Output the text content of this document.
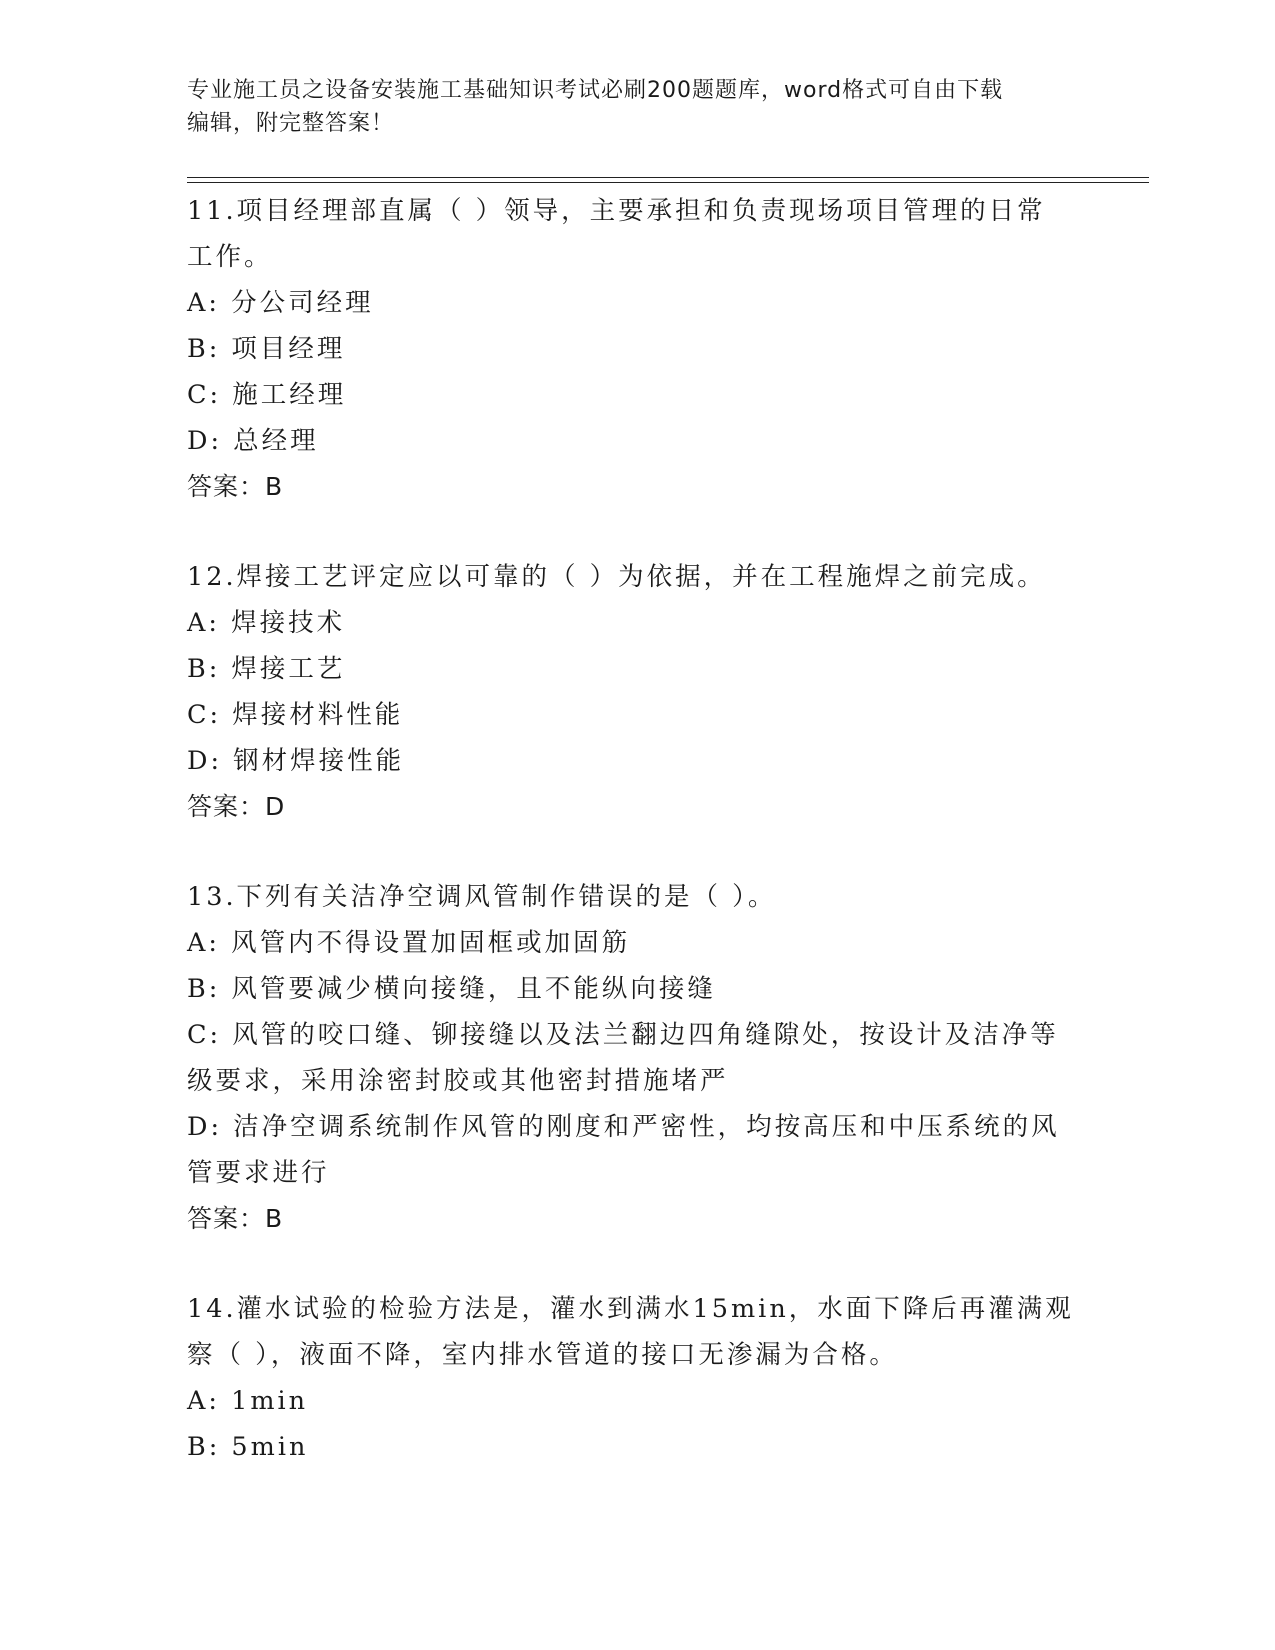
专业施工员之设备安装施工基础知识考试必刷200题题库，word格式可自由下载
编辑，附完整答案！
11.项目经理部直属（ ）领导，主要承担和负责现场项目管理的日常
工作。
A: 分公司经理
B: 项目经理
C: 施工经理
D: 总经理
答案：B
12.焊接工艺评定应以可靠的（ ）为依据，并在工程施焊之前完成。
A: 焊接技术
B: 焊接工艺
C: 焊接材料性能
D: 钢材焊接性能
答案：D
13.下列有关洁净空调风管制作错误的是（ ）。
A: 风管内不得设置加固框或加固筋
B: 风管要减少横向接缝，且不能纵向接缝
C: 风管的咬口缝、铆接缝以及法兰翻边四角缝隙处，按设计及洁净等
级要求，采用涂密封胶或其他密封措施堵严
D: 洁净空调系统制作风管的刚度和严密性，均按高压和中压系统的风
管要求进行
答案：B
14.灌水试验的检验方法是，灌水到满水15min，水面下降后再灌满观
察（ ），液面不降，室内排水管道的接口无渗漏为合格。
A: 1min
B: 5min
